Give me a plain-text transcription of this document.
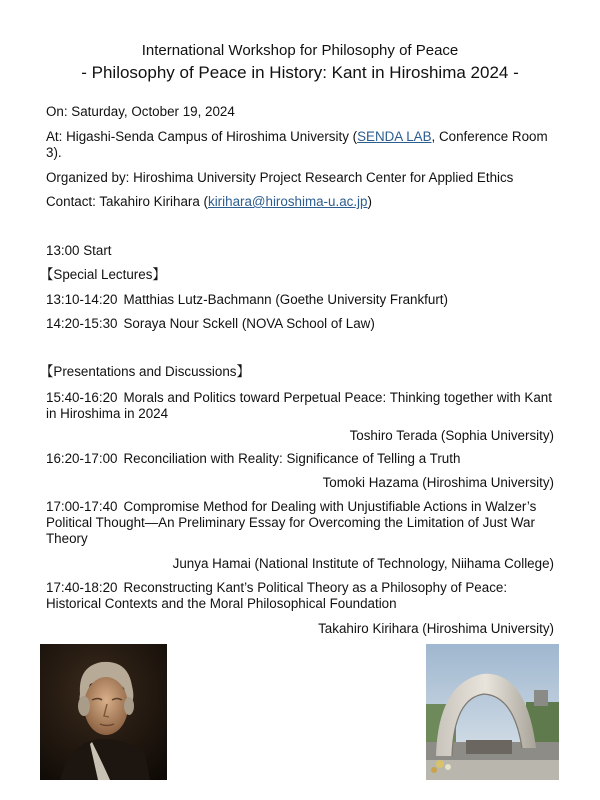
International Workshop for Philosophy of Peace
- Philosophy of Peace in History: Kant in Hiroshima 2024 -
On: Saturday, October 19, 2024
At: Higashi-Senda Campus of Hiroshima University (SENDA LAB, Conference Room 3).
Organized by: Hiroshima University Project Research Center for Applied Ethics
Contact: Takahiro Kirihara (kirihara@hiroshima-u.ac.jp)
13:00 Start
【Special Lectures】
13:10-14:20 Matthias Lutz-Bachmann (Goethe University Frankfurt)
14:20-15:30 Soraya Nour Sckell (NOVA School of Law)
【Presentations and Discussions】
15:40-16:20 Morals and Politics toward Perpetual Peace: Thinking together with Kant in Hiroshima in 2024
Toshiro Terada (Sophia University)
16:20-17:00 Reconciliation with Reality: Significance of Telling a Truth
Tomoki Hazama (Hiroshima University)
17:00-17:40 Compromise Method for Dealing with Unjustifiable Actions in Walzer’s Political Thought—An Preliminary Essay for Overcoming the Limitation of Just War Theory
Junya Hamai (National Institute of Technology, Niihama College)
17:40-18:20 Reconstructing Kant’s Political Theory as a Philosophy of Peace: Historical Contexts and the Moral Philosophical Foundation
Takahiro Kirihara (Hiroshima University)
